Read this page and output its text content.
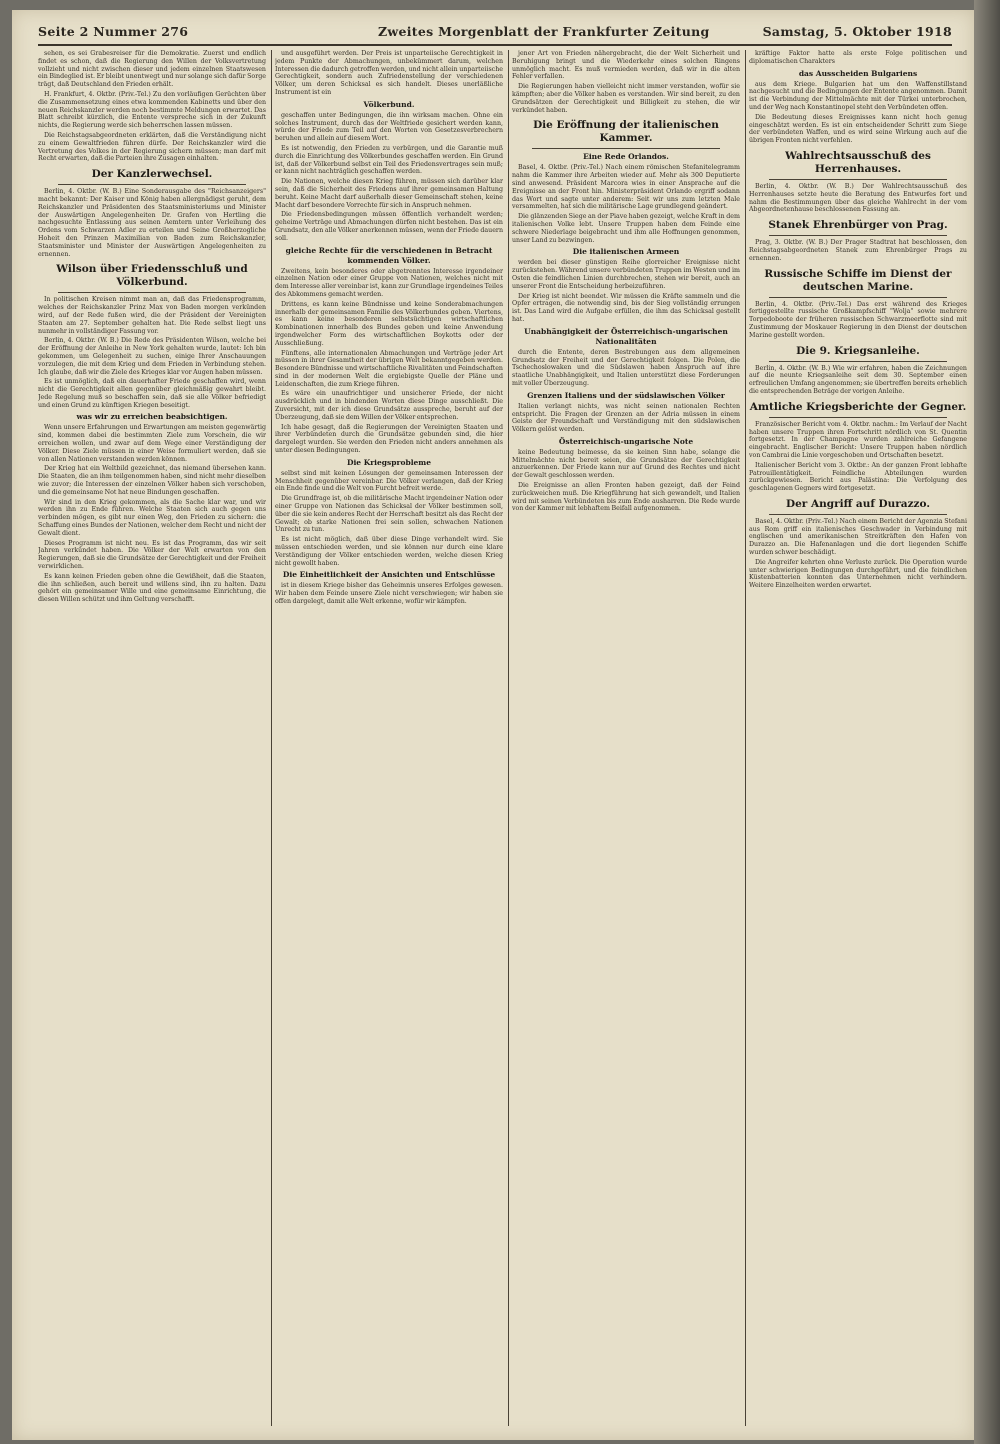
Seite 2 Nummer 276	Zweites Morgenblatt der Frankfurter Zeitung	Samstag, 5. Oktober 1918
sehen, es sei Grabesreiser für die Demokratie. Zuerst und endlich findet es schon, daß die Regierung den Willen der Volksvertretung vollzieht und nicht zwischen dieser und jedem einzelnen Staatswesen ein Bindeglied ist. Er bleibt unentwegt und nur solange sich dafür Sorge trägt, daß Deutschland den Frieden erhält.
H. Frankfurt, 4. Oktbr. (Priv.-Tel.) Zu den vorläufigen Gerüchten über die Zusammensetzung eines etwa kommenden Kabinetts und über den neuen Reichskanzler werden noch bestimmte Meldungen erwartet. Das Blatt schreibt kürzlich, die Entente verspreche sich in der Zukunft nichts, die Regierung werde sich beherrschen lassen müssen.
Die Reichstagsabgeordneten erklärten, daß die Verständigung nicht zu einem Gewaltfrieden führen dürfe. Der Reichskanzler wird die Vertretung des Volkes in der Regierung sichern müssen; man darf mit Recht erwarten, daß die Parteien ihre Zusagen einhalten.
Der Kanzlerwechsel.
Berlin, 4. Oktbr. (W. B.) Eine Sonderausgabe des "Reichsanzeigers" macht bekannt: Der Kaiser und König haben allergnädigst geruht, dem Reichskanzler und Präsidenten des Staatsministeriums und Minister der Auswärtigen Angelegenheiten Dr. Grafen von Hertling die nachgesuchte Entlassung aus seinen Aemtern unter Verleihung des Ordens vom Schwarzen Adler zu erteilen und Seine Großherzogliche Hoheit den Prinzen Maximilian von Baden zum Reichskanzler, Staatsminister und Minister der Auswärtigen Angelegenheiten zu ernennen.
Wilson über Friedensschluß und Völkerbund.
In politischen Kreisen nimmt man an, daß das Friedensprogramm, welches der Reichskanzler Prinz Max von Baden morgen verkünden wird, auf der Rede fußen wird, die der Präsident der Vereinigten Staaten am 27. September gehalten hat. Die Rede selbst liegt uns nunmehr in vollständiger Fassung vor.
Berlin, 4. Oktbr. (W. B.) Die Rede des Präsidenten Wilson, welche bei der Eröffnung der Anleihe in New York gehalten wurde, lautet: Ich bin gekommen, um Gelegenheit zu suchen, einige Ihrer Anschauungen vorzulegen, die mit dem Krieg und dem Frieden in Verbindung stehen. Ich glaube, daß wir die Ziele des Krieges klar vor Augen haben müssen.
Es ist unmöglich, daß ein dauerhafter Friede geschaffen wird, wenn nicht die Gerechtigkeit allen gegenüber gleichmäßig gewahrt bleibt. Jede Regelung muß so beschaffen sein, daß sie alle Völker befriedigt und einen Grund zu künftigen Kriegen beseitigt.
was wir zu erreichen beabsichtigen.
Wenn unsere Erfahrungen und Erwartungen am meisten gegenwärtig sind, kommen dabei die bestimmten Ziele zum Vorschein, die wir erreichen wollen, und zwar auf dem Wege einer Verständigung der Völker. Diese Ziele müssen in einer Weise formuliert werden, daß sie von allen Nationen verstanden werden können.
Der Krieg hat ein Weltbild gezeichnet, das niemand übersehen kann. Die Staaten, die an ihm teilgenommen haben, sind nicht mehr dieselben wie zuvor; die Interessen der einzelnen Völker haben sich verschoben, und die gemeinsame Not hat neue Bindungen geschaffen.
Wir sind in den Krieg gekommen, als die Sache klar war, und wir werden ihn zu Ende führen. Welche Staaten sich auch gegen uns verbinden mögen, es gibt nur einen Weg, den Frieden zu sichern: die Schaffung eines Bundes der Nationen, welcher dem Recht und nicht der Gewalt dient.
Dieses Programm ist nicht neu. Es ist das Programm, das wir seit Jahren verkündet haben. Die Völker der Welt erwarten von den Regierungen, daß sie die Grundsätze der Gerechtigkeit und der Freiheit verwirklichen.
Es kann keinen Frieden geben ohne die Gewißheit, daß die Staaten, die ihn schließen, auch bereit und willens sind, ihn zu halten. Dazu gehört ein gemeinsamer Wille und eine gemeinsame Einrichtung, die diesen Willen schützt und ihm Geltung verschafft.
und ausgeführt werden. Der Preis ist unparteiische Gerechtigkeit in jedem Punkte der Abmachungen, unbekümmert darum, welchen Interessen die dadurch getroffen werden, und nicht allein unparteiische Gerechtigkeit, sondern auch Zufriedenstellung der verschiedenen Völker, um deren Schicksal es sich handelt. Dieses unerläßliche Instrument ist ein
Völkerbund.
geschaffen unter Bedingungen, die ihn wirksam machen. Ohne ein solches Instrument, durch das der Weltfriede gesichert werden kann, würde der Friede zum Teil auf den Worten von Gesetzesverbrechern beruhen und allein auf diesem Wort.
Es ist notwendig, den Frieden zu verbürgen, und die Garantie muß durch die Einrichtung des Völkerbundes geschaffen werden. Ein Grund ist, daß der Völkerbund selbst ein Teil des Friedensvertrages sein muß; er kann nicht nachträglich geschaffen werden.
Die Nationen, welche diesen Krieg führen, müssen sich darüber klar sein, daß die Sicherheit des Friedens auf ihrer gemeinsamen Haltung beruht. Keine Macht darf außerhalb dieser Gemeinschaft stehen, keine Macht darf besondere Vorrechte für sich in Anspruch nehmen.
Die Friedensbedingungen müssen öffentlich verhandelt werden; geheime Verträge und Abmachungen dürfen nicht bestehen. Das ist ein Grundsatz, den alle Völker anerkennen müssen, wenn der Friede dauern soll.
gleiche Rechte für die verschiedenen in Betracht kommenden Völker.
Zweitens, kein besonderes oder abgetrenntes Interesse irgendeiner einzelnen Nation oder einer Gruppe von Nationen, welches nicht mit dem Interesse aller vereinbar ist, kann zur Grundlage irgendeines Teiles des Abkommens gemacht werden.
Drittens, es kann keine Bündnisse und keine Sonderabmachungen innerhalb der gemeinsamen Familie des Völkerbundes geben. Viertens, es kann keine besonderen selbstsüchtigen wirtschaftlichen Kombinationen innerhalb des Bundes geben und keine Anwendung irgendwelcher Form des wirtschaftlichen Boykotts oder der Ausschließung.
Fünftens, alle internationalen Abmachungen und Verträge jeder Art müssen in ihrer Gesamtheit der übrigen Welt bekanntgegeben werden. Besondere Bündnisse und wirtschaftliche Rivalitäten und Feindschaften sind in der modernen Welt die ergiebigste Quelle der Pläne und Leidenschaften, die zum Kriege führen.
Es wäre ein unaufrichtiger und unsicherer Friede, der nicht ausdrücklich und in bindenden Worten diese Dinge ausschließt. Die Zuversicht, mit der ich diese Grundsätze ausspreche, beruht auf der Überzeugung, daß sie dem Willen der Völker entsprechen.
Ich habe gesagt, daß die Regierungen der Vereinigten Staaten und ihrer Verbündeten durch die Grundsätze gebunden sind, die hier dargelegt wurden. Sie werden den Frieden nicht anders annehmen als unter diesen Bedingungen.
Die Kriegsprobleme
selbst sind mit keinen Lösungen der gemeinsamen Interessen der Menschheit gegenüber vereinbar. Die Völker verlangen, daß der Krieg ein Ende finde und die Welt von Furcht befreit werde.
Die Grundfrage ist, ob die militärische Macht irgendeiner Nation oder einer Gruppe von Nationen das Schicksal der Völker bestimmen soll, über die sie kein anderes Recht der Herrschaft besitzt als das Recht der Gewalt; ob starke Nationen frei sein sollen, schwachen Nationen Unrecht zu tun.
Es ist nicht möglich, daß über diese Dinge verhandelt wird. Sie müssen entschieden werden, und sie können nur durch eine klare Verständigung der Völker entschieden werden, welche diesen Krieg nicht gewollt haben.
Die Einheitlichkeit der Ansichten und Entschlüsse
ist in diesem Kriege bisher das Geheimnis unseres Erfolges gewesen. Wir haben dem Feinde unsere Ziele nicht verschwiegen; wir haben sie offen dargelegt, damit alle Welt erkenne, wofür wir kämpfen.
jener Art von Frieden nähergebracht, die der Welt Sicherheit und Beruhigung bringt und die Wiederkehr eines solchen Ringens unmöglich macht. Es muß vermieden werden, daß wir in die alten Fehler verfallen.
Die Regierungen haben vielleicht nicht immer verstanden, wofür sie kämpften; aber die Völker haben es verstanden. Wir sind bereit, zu den Grundsätzen der Gerechtigkeit und Billigkeit zu stehen, die wir verkündet haben.
Die Eröffnung der italienischen Kammer.
Eine Rede Orlandos.
Basel, 4. Oktbr. (Priv.-Tel.) Nach einem römischen Stefanitelegramm nahm die Kammer ihre Arbeiten wieder auf. Mehr als 300 Deputierte sind anwesend. Präsident Marcora wies in einer Ansprache auf die Ereignisse an der Front hin. Ministerpräsident Orlando ergriff sodann das Wort und sagte unter anderem: Seit wir uns zum letzten Male versammelten, hat sich die militärische Lage grundlegend geändert.
Die glänzenden Siege an der Piave haben gezeigt, welche Kraft in dem italienischen Volke lebt. Unsere Truppen haben dem Feinde eine schwere Niederlage beigebracht und ihm alle Hoffnungen genommen, unser Land zu bezwingen.
Die italienischen Armeen
werden bei dieser günstigen Reihe glorreicher Ereignisse nicht zurückstehen. Während unsere verbündeten Truppen im Westen und im Osten die feindlichen Linien durchbrechen, stehen wir bereit, auch an unserer Front die Entscheidung herbeizuführen.
Der Krieg ist nicht beendet. Wir müssen die Kräfte sammeln und die Opfer ertragen, die notwendig sind, bis der Sieg vollständig errungen ist. Das Land wird die Aufgabe erfüllen, die ihm das Schicksal gestellt hat.
Unabhängigkeit der Österreichisch-ungarischen Nationalitäten
durch die Entente, deren Bestrebungen aus dem allgemeinen Grundsatz der Freiheit und der Gerechtigkeit folgen. Die Polen, die Tschechoslowaken und die Südslawen haben Anspruch auf ihre staatliche Unabhängigkeit, und Italien unterstützt diese Forderungen mit voller Überzeugung.
Grenzen Italiens und der südslawischen Völker
Italien verlangt nichts, was nicht seinen nationalen Rechten entspricht. Die Fragen der Grenzen an der Adria müssen in einem Geiste der Freundschaft und Verständigung mit den südslawischen Völkern gelöst werden.
Österreichisch-ungarische Note
keine Bedeutung beimesse, da sie keinen Sinn habe, solange die Mittelmächte nicht bereit seien, die Grundsätze der Gerechtigkeit anzuerkennen. Der Friede kann nur auf Grund des Rechtes und nicht der Gewalt geschlossen werden.
Die Ereignisse an allen Fronten haben gezeigt, daß der Feind zurückweichen muß. Die Kriegführung hat sich gewandelt, und Italien wird mit seinen Verbündeten bis zum Ende ausharren. Die Rede wurde von der Kammer mit lebhaftem Beifall aufgenommen.
kräftige Faktor hatte als erste Folge politischen und diplomatischen Charakters
das Ausscheiden Bulgariens
aus dem Kriege. Bulgarien hat um den Waffenstillstand nachgesucht und die Bedingungen der Entente angenommen. Damit ist die Verbindung der Mittelmächte mit der Türkei unterbrochen, und der Weg nach Konstantinopel steht den Verbündeten offen.
Die Bedeutung dieses Ereignisses kann nicht hoch genug eingeschätzt werden. Es ist ein entscheidender Schritt zum Siege der verbündeten Waffen, und es wird seine Wirkung auch auf die übrigen Fronten nicht verfehlen.
Wahlrechtsausschuß des Herrenhauses.
Berlin, 4. Oktbr. (W. B.) Der Wahlrechtsausschuß des Herrenhauses setzte heute die Beratung des Entwurfes fort und nahm die Bestimmungen über das gleiche Wahlrecht in der vom Abgeordnetenhause beschlossenen Fassung an.
Stanek Ehrenbürger von Prag.
Prag, 3. Oktbr. (W. B.) Der Prager Stadtrat hat beschlossen, den Reichstagsabgeordneten Stanek zum Ehrenbürger Prags zu ernennen.
Russische Schiffe im Dienst der deutschen Marine.
Berlin, 4. Oktbr. (Priv.-Tel.) Das erst während des Krieges fertiggestellte russische Großkampfschiff "Wolja" sowie mehrere Torpedoboote der früheren russischen Schwarzmeerflotte sind mit Zustimmung der Moskauer Regierung in den Dienst der deutschen Marine gestellt worden.
Die 9. Kriegsanleihe.
Berlin, 4. Oktbr. (W. B.) Wie wir erfahren, haben die Zeichnungen auf die neunte Kriegsanleihe seit dem 30. September einen erfreulichen Umfang angenommen; sie übertreffen bereits erheblich die entsprechenden Beträge der vorigen Anleihe.
Amtliche Kriegsberichte der Gegner.
Französischer Bericht vom 4. Oktbr. nachm.: Im Verlauf der Nacht haben unsere Truppen ihren Fortschritt nördlich von St. Quentin fortgesetzt. In der Champagne wurden zahlreiche Gefangene eingebracht. Englischer Bericht: Unsere Truppen haben nördlich von Cambrai die Linie vorgeschoben und Ortschaften besetzt.
Italienischer Bericht vom 3. Oktbr.: An der ganzen Front lebhafte Patrouillentätigkeit. Feindliche Abteilungen wurden zurückgewiesen. Bericht aus Palästina: Die Verfolgung des geschlagenen Gegners wird fortgesetzt.
Der Angriff auf Durazzo.
Basel, 4. Oktbr. (Priv.-Tel.) Nach einem Bericht der Agenzia Stefani aus Rom griff ein italienisches Geschwader in Verbindung mit englischen und amerikanischen Streitkräften den Hafen von Durazzo an. Die Hafenanlagen und die dort liegenden Schiffe wurden schwer beschädigt.
Die Angreifer kehrten ohne Verluste zurück. Die Operation wurde unter schwierigen Bedingungen durchgeführt, und die feindlichen Küstenbatterien konnten das Unternehmen nicht verhindern. Weitere Einzelheiten werden erwartet.
